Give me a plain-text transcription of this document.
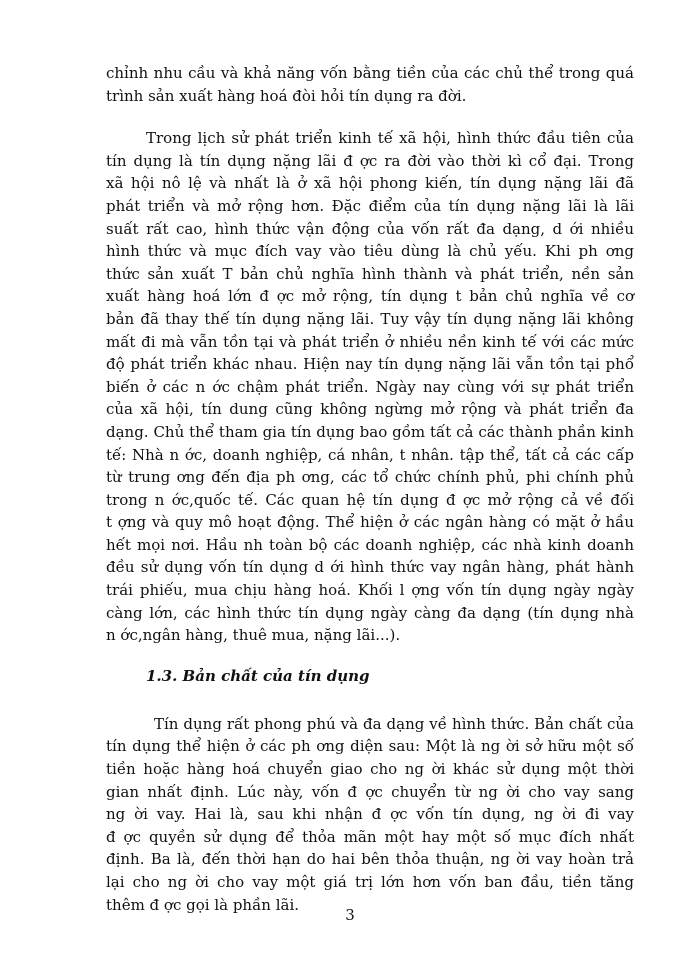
chỉnh nhu cầu và khả năng vốn bằng tiền của các chủ thể trong quá
trình sản xuất hàng hoá đòi hỏi tín dụng ra đời.

Trong lịch sử phát triển kinh tế xã hội, hình thức đầu tiên của
tín dụng là tín dụng nặng lãi đ ợc ra đời vào thời kì cổ đại. Trong
xã hội nô lệ và nhất là ở xã hội phong kiến, tín dụng nặng lãi đã
phát triển và mở rộng hơn. Đặc điểm của tín dụng nặng lãi là lãi
suất rất cao, hình thức vận động của vốn rất đa dạng, d ới nhiều
hình thức và mục đích vay vào tiêu dùng là chủ yếu. Khi ph ơng
thức sản xuất T bản chủ nghĩa hình thành và phát triển, nền sản
xuất hàng hoá lớn đ ợc mở rộng, tín dụng t bản chủ nghĩa về cơ
bản đã thay thế tín dụng nặng lãi. Tuy vậy tín dụng nặng lãi không
mất đi mà vẫn tồn tại và phát triển ở nhiều nền kinh tế với các mức
độ phát triển khác nhau. Hiện nay tín dụng nặng lãi vẫn tồn tại phổ
biến ở các n ớc chậm phát triển. Ngày nay cùng với sự phát triển
của xã hội, tín dung cũng không ngừng mở rộng và phát triển đa
dạng. Chủ thể tham gia tín dụng bao gồm tất cả các thành phần kinh
tế: Nhà n ớc, doanh nghiệp, cá nhân, t nhân. tập thể, tất cả các cấp
từ trung ơng đến địa ph ơng, các tổ chức chính phủ, phi chính phủ
trong n ớc,quốc tế. Các quan hệ tín dụng đ ợc mở rộng cả về đối
t ợng và quy mô hoạt động. Thể hiện ở các ngân hàng có mặt ở hầu
hết mọi nơi. Hầu nh toàn bộ các doanh nghiệp, các nhà kinh doanh
đều sử dụng vốn tín dụng d ới hình thức vay ngân hàng, phát hành
trái phiếu, mua chịu hàng hoá. Khối l ợng vốn tín dụng ngày ngày
càng lớn, các hình thức tín dụng ngày càng đa dạng (tín dụng nhà
n ớc,ngân hàng, thuê mua, nặng lãi...).

1.3. Bản chất của tín dụng

Tín dụng rất phong phú và đa dạng về hình thức. Bản chất của
tín dụng thể hiện ở các ph ơng diện sau: Một là ng ời sở hữu một số
tiền hoặc hàng hoá chuyển giao cho ng ời khác sử dụng một thời
gian nhất định. Lúc này, vốn đ ợc chuyển từ ng ời cho vay sang
ng ời vay. Hai là, sau khi nhận đ ợc vốn tín dụng, ng ời đi vay
đ ợc quyền sử dụng để thỏa mãn một hay một số mục đích nhất
định. Ba là, đến thời hạn do hai bên thỏa thuận, ng ời vay hoàn trả
lại cho ng ời cho vay một giá trị lớn hơn vốn ban đầu, tiền tăng
thêm đ ợc gọi là phần lãi.

3
